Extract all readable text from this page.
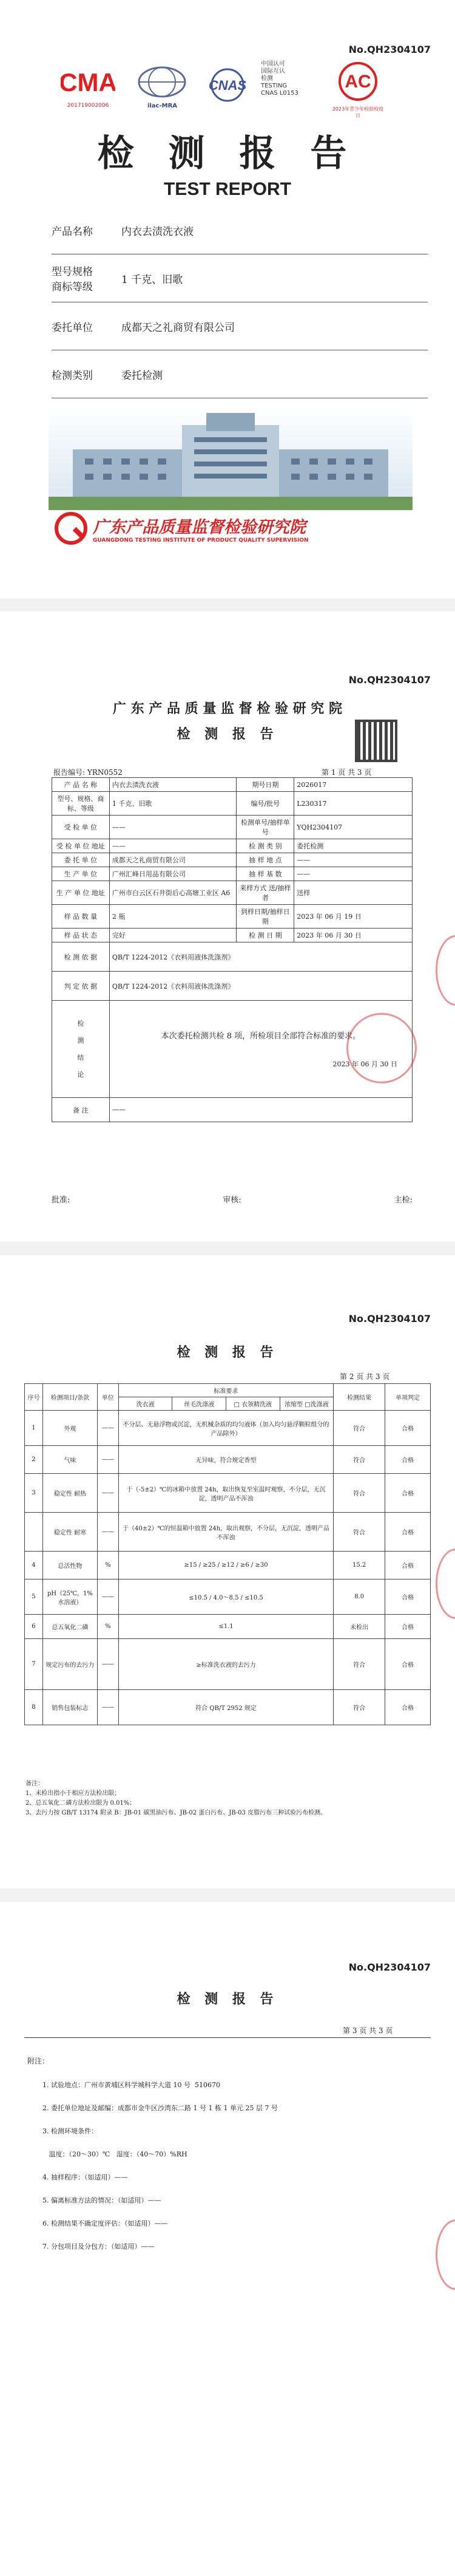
No.QH2304107
CMA
201719002006	ilac-MRA
CNAS
中国认可
国际互认
检测
TESTING
CNAS L0153
AC
2023年青少年检验检疫日
检 测 报 告
TEST REPORT
产品名称	内衣去渍洗衣液
型号规格
商标等级
1 千克、旧歌
委托单位	成都天之礼商贸有限公司
检测类别	委托检测
广东产品质量监督检验研究院
GUANGDONG TESTING INSTITUTE OF PRODUCT QUALITY SUPERVISION
No.QH2304107
广 东 产 品 质 量 监 督 检 验 研 究 院
检 测 报 告
报告编号: YRN0552	第 1 页 共 3 页
产 品 名 称	内衣去渍洗衣液	期号日期	2026017
型号、规格、商标、等级	1 千克、旧歌	编号/批号	L230317
受 检 单 位	——	检测单号/抽样单号	YQH2304107
受 检 单 位 地址	——	检 测 类 别	委托检测
委 托 单 位	成都天之礼商贸有限公司	抽 样 地 点	——
生 产 单 位	广州汇峰日用品有限公司	抽 样 基 数	——
生 产 单 位 地址	广州市白云区石井街后心高塘工业区 A6	来样方式 送/抽样者	送样
样 品 数 量	2 瓶	到样日期/抽样日期	2023 年 06 月 19 日
样 品 状 态	完好	检 测 日 期	2023 年 06 月 30 日
检 测 依 据	QB/T 1224-2012《衣料用液体洗涤剂》		
判 定 依 据	QB/T 1224-2012《衣料用液体洗涤剂》		

检 测 结 论	本次委托检测共检 8 项，所检项目全部符合标准的要求。
2023 年 06 月 30 日		

备 注	——		
批准:	审核:	主检:
No.QH2304107
检 测 报 告
第 2 页 共 3 页
序号	检测项目/条款	单位	标准要求	检测结果	单项判定

			洗衣液 丝毛洗涤液 □ 衣领精洗液 浓缩型 □洗涤液		

1	外观	——	不分层、无悬浮物或沉淀，无机械杂质的均匀液体（加入均匀悬浮颗粒组分的产品除外）	符合	合格
2	气味	——	无异味，符合规定香型	符合	合格
3	稳定性 耐热	——	于（-5±2）℃的冰箱中放置 24h，取出恢复至室温时观察，不分层，无沉淀，透明产品不浑浊	符合	合格
	稳定性 耐寒	——	于（40±2）℃的恒温箱中放置 24h，取出观察，不分层，无沉淀，透明产品不浑浊	符合	合格
4	总活性物	%	≥15 / ≥25 / ≥12 / ≥6 / ≥30	15.2	合格
5	pH（25℃，1%水溶液）	——	≤10.5 / 4.0～8.5 / ≤10.5	8.0	合格
6	总五氧化二磷	%	≤1.1	未检出	合格
7	规定污布的去污力	——	≥标准洗衣液的去污力	符合	合格
8	销售包装标志	——	符合 QB/T 2952 规定	符合	合格
备注：
1、未检出指小于相应方法检出限；
2、总五氧化二磷方法检出限为 0.01%；
3、去污力按 GB/T 13174 附录 B：JB-01 碳黑油污布、JB-02 蛋白污布、JB-03 皮脂污布三种试验污布检测。
No.QH2304107
检 测 报 告
第 3 页 共 3 页
附注：
1. 试验地点：广州市黄埔区科学城科学大道 10 号  510670
2. 委托单位地址及邮编：成都市金牛区沙湾东二路 1 号 1 栋 1 单元 25 层 7 号
3. 检测环境条件：
温度：（20～30）℃   湿度：（40～70）%RH
4. 抽样程序：（如适用）——
5. 偏离标准方法的情况：（如适用）——
6. 检测结果不确定度评估：（如适用）——
7. 分包项目及分包方：（如适用）——
